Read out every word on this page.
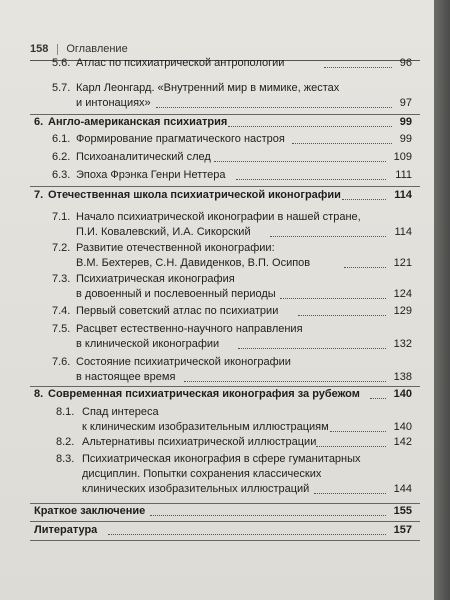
158 Оглавление
5.6. Атлас по психиатрической антропологии	96
5.7. Карл Леонгард. «Внутренний мир в мимике, жестах
и интонациях»	97
6. Англо-американская психиатрия	99
6.1. Формирование прагматического настроя	99
6.2. Психоаналитический след	109
6.3. Эпоха Фрэнка Генри Неттера	111
7. Отечественная школа психиатрической иконографии	114
7.1. Начало психиатрической иконографии в нашей стране,
П.И. Ковалевский, И.А. Сикорский	114
7.2. Развитие отечественной иконографии:
В.М. Бехтерев, С.Н. Давиденков, В.П. Осипов	121
7.3. Психиатрическая иконография
в довоенный и послевоенный периоды	124
7.4. Первый советский атлас по психиатрии	129
7.5. Расцвет естественно-научного направления
в клинической иконографии	132
7.6. Состояние психиатрической иконографии
в настоящее время	138
8. Современная психиатрическая иконография за рубежом	140
8.1. Спад интереса
к клиническим изобразительным иллюстрациям	140
8.2. Альтернативы психиатрической иллюстрации	142
8.3. Психиатрическая иконография в сфере гуманитарных
дисциплин. Попытки сохранения классических
клинических изобразительных иллюстраций	144
Краткое заключение	155
Литература	157
